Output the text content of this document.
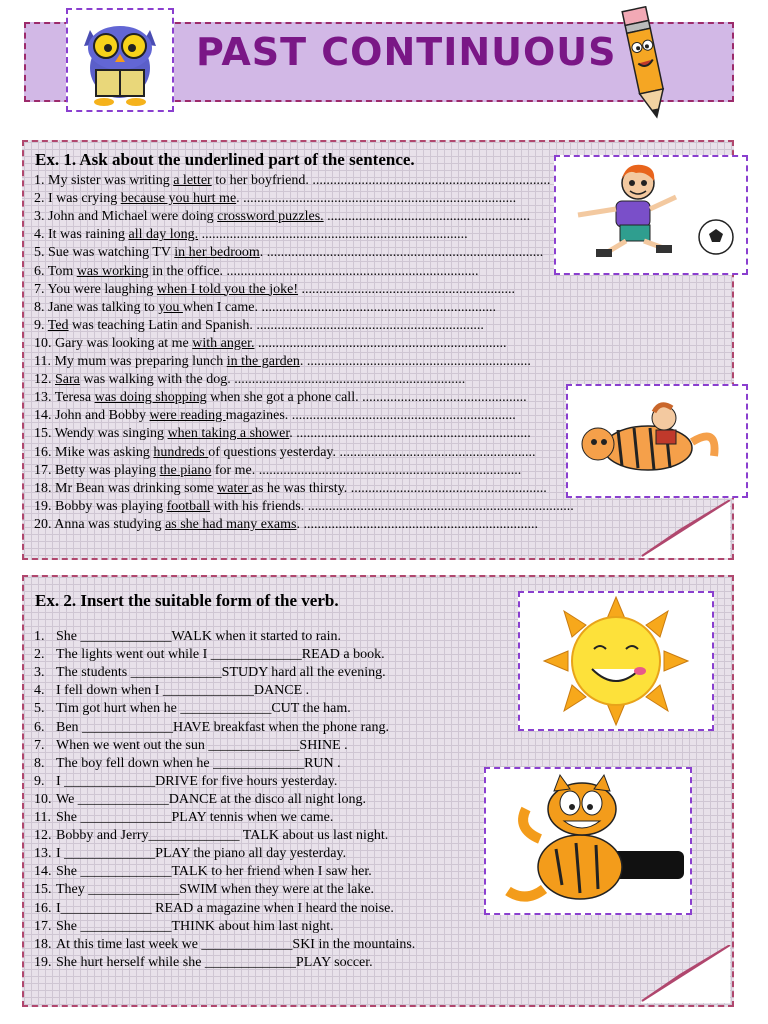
PAST CONTINUOUS
Ex. 1. Ask about the underlined part of the sentence.
1. My sister was writing a letter to her boyfriend. ....................................................................
2. I was crying because you hurt me. ..............................................................................
3. John and Michael were doing crossword puzzles. ..........................................................
4. It was raining all day long. ............................................................................
5. Sue was watching TV in her bedroom. ...............................................................................
6. Tom was working in the office. ........................................................................
7. You were laughing when I told you the joke! .............................................................
8. Jane was talking to you when I came. ...................................................................
9. Ted was teaching Latin and Spanish. .................................................................
10. Gary was looking at me with anger. .......................................................................
11. My mum was preparing lunch in the garden. ................................................................
12. Sara was walking with the dog. ..................................................................
13. Teresa was doing shopping when she got a phone call. ...............................................
14. John and Bobby were reading magazines. ................................................................
15. Wendy was singing when taking a shower. ...................................................................
16. Mike was asking hundreds of questions yesterday. ........................................................
17. Betty was playing the piano for me. ...........................................................................
18. Mr Bean was drinking some water as he was thirsty. ........................................................
19. Bobby was playing football with his friends. ............................................................................
20. Anna was studying as she had many exams. ...................................................................
Ex. 2. Insert the suitable form of the verb.
1. She _____________WALK when it started to rain.
2. The lights went out while I _____________READ a book.
3. The students _____________STUDY hard all the evening.
4. I fell down when I _____________DANCE .
5. Tim got hurt when he _____________CUT the ham.
6. Ben _____________HAVE breakfast when the phone rang.
7. When we went out the sun _____________SHINE .
8. The boy fell down when he _____________RUN .
9. I _____________DRIVE for five hours yesterday.
10. We _____________DANCE at the disco all night long.
11. She _____________PLAY tennis when we came.
12. Bobby and Jerry_____________ TALK about us last night.
13. I _____________PLAY the piano all day yesterday.
14. She _____________TALK to her friend when I saw her.
15. They _____________SWIM when they were at the lake.
16. I_____________ READ a magazine when I heard the noise.
17. She _____________THINK about him last night.
18. At this time last week we _____________SKI in the mountains.
19. She hurt herself while she _____________PLAY soccer.
